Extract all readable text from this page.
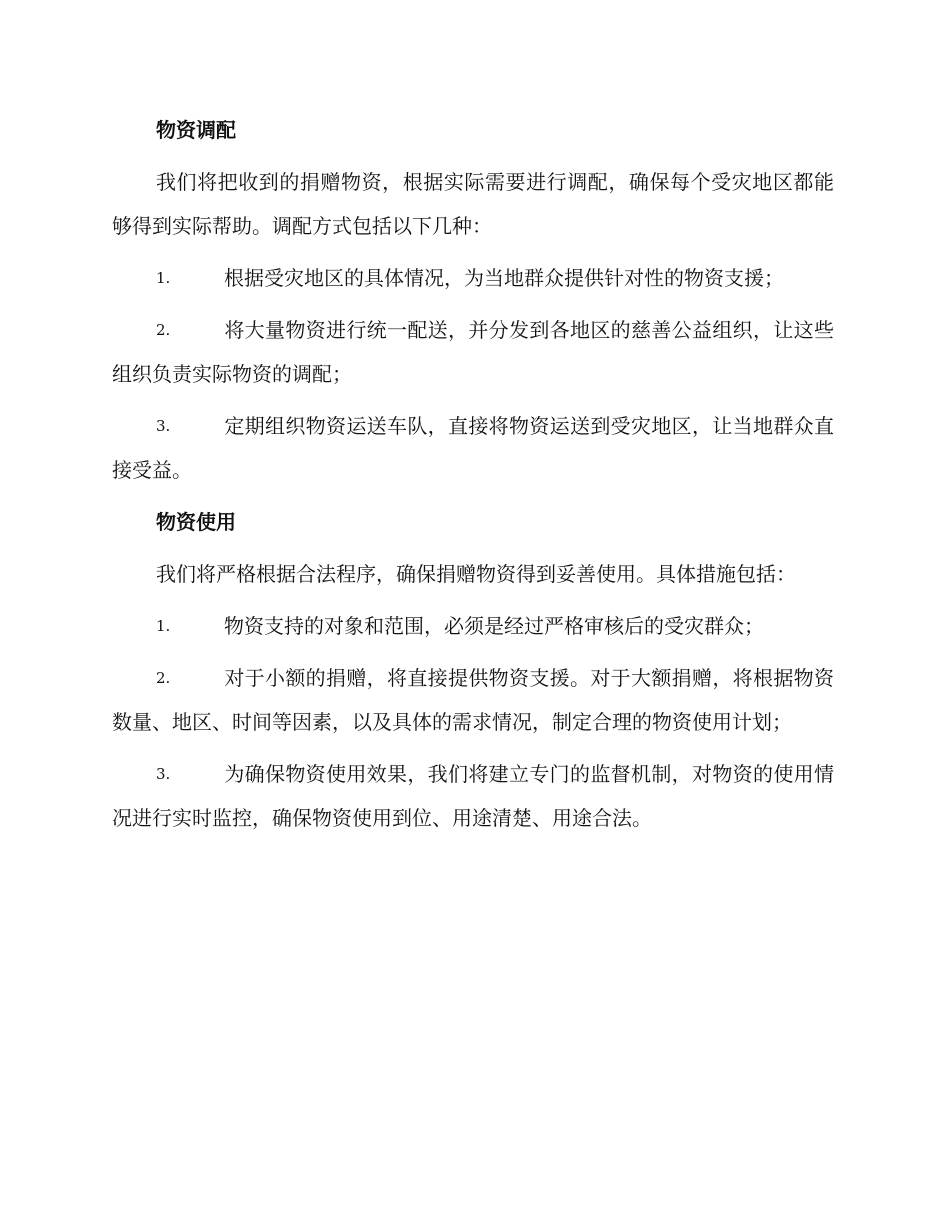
物资调配

我们将把收到的捐赠物资，根据实际需要进行调配，确保每个受灾地区都能够得到实际帮助。调配方式包括以下几种：

1.	根据受灾地区的具体情况，为当地群众提供针对性的物资支援；

2.	将大量物资进行统一配送，并分发到各地区的慈善公益组织，让这些组织负责实际物资的调配；

3.	定期组织物资运送车队，直接将物资运送到受灾地区，让当地群众直接受益。

物资使用

我们将严格根据合法程序，确保捐赠物资得到妥善使用。具体措施包括：

1.	物资支持的对象和范围，必须是经过严格审核后的受灾群众；

2.	对于小额的捐赠，将直接提供物资支援。对于大额捐赠，将根据物资数量、地区、时间等因素，以及具体的需求情况，制定合理的物资使用计划；

3.	为确保物资使用效果，我们将建立专门的监督机制，对物资的使用情况进行实时监控，确保物资使用到位、用途清楚、用途合法。
